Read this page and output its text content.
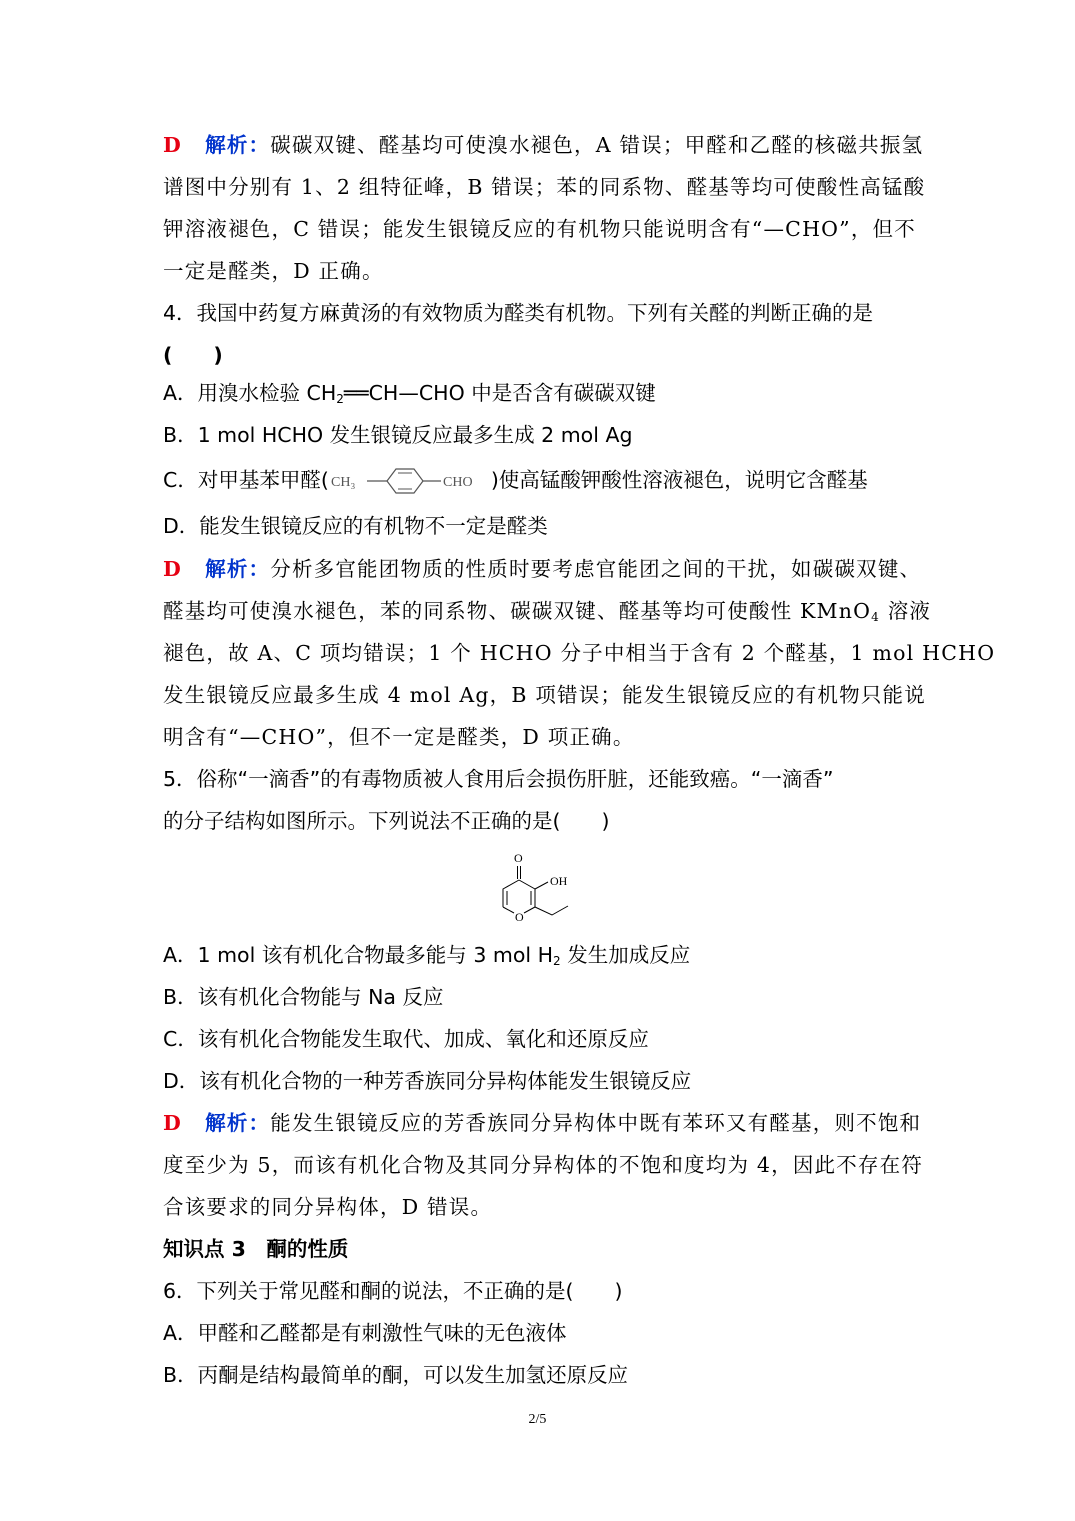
D 解析：碳碳双键、醛基均可使溴水褪色，A 错误；甲醛和乙醛的核磁共振氢
谱图中分别有 1、2 组特征峰，B 错误；苯的同系物、醛基等均可使酸性高锰酸
钾溶液褪色，C 错误；能发生银镜反应的有机物只能说明含有“—CHO”，但不
一定是醛类，D 正确。
4．我国中药复方麻黄汤的有效物质为醛类有机物。下列有关醛的判断正确的是
(　　)
A．用溴水检验 $CH_2══CH—CHO$ 中是否含有碳碳双键
B．1 mol HCHO 发生银镜反应最多生成 2 mol Ag
C．对甲基苯甲醛( CH₃	CHO )使高锰酸钾酸性溶液褪色，说明它含醛基
D．能发生银镜反应的有机物不一定是醛类
D 解析：分析多官能团物质的性质时要考虑官能团之间的干扰，如碳碳双键、
醛基均可使溴水褪色，苯的同系物、碳碳双键、醛基等均可使酸性 KMnO$_4$ 溶液
褪色，故 A、C 项均错误；1 个 HCHO 分子中相当于含有 2 个醛基，1 mol HCHO
发生银镜反应最多生成 4 mol Ag，B 项错误；能发生银镜反应的有机物只能说
明含有“—CHO”，但不一定是醛类，D 项正确。
5．俗称“一滴香”的有毒物质被人食用后会损伤肝脏，还能致癌。“一滴香”
的分子结构如图所示。下列说法不正确的是(　　)
O
OH
O
A．1 mol 该有机化合物最多能与 3 mol $H_2$ 发生加成反应
B．该有机化合物能与 Na 反应
C．该有机化合物能发生取代、加成、氧化和还原反应
D．该有机化合物的一种芳香族同分异构体能发生银镜反应
D 解析：能发生银镜反应的芳香族同分异构体中既有苯环又有醛基，则不饱和
度至少为 5，而该有机化合物及其同分异构体的不饱和度均为 4，因此不存在符
合该要求的同分异构体，D 错误。
知识点 3　酮的性质
6．下列关于常见醛和酮的说法，不正确的是(　　)
A．甲醛和乙醛都是有刺激性气味的无色液体
B．丙酮是结构最简单的酮，可以发生加氢还原反应
2/5
